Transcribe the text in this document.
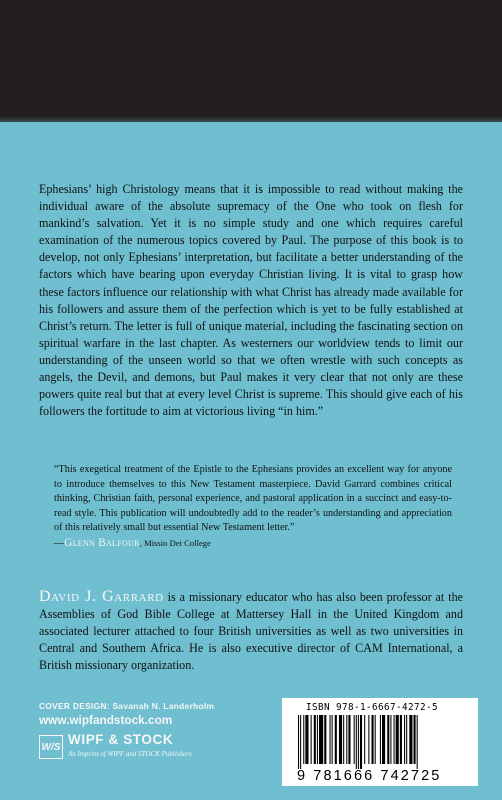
Ephesians’ high Christology means that it is impossible to read without making the individual aware of the absolute supremacy of the One who took on flesh for mankind’s salvation. Yet it is no simple study and one which requires careful examination of the numerous topics covered by Paul. The purpose of this book is to develop, not only Ephesians’ interpretation, but facilitate a better understanding of the factors which have bearing upon everyday Christian living. It is vital to grasp how these factors influence our relationship with what Christ has already made available for his followers and assure them of the perfection which is yet to be fully established at Christ’s return. The letter is full of unique material, including the fascinating section on spiritual warfare in the last chapter. As westerners our worldview tends to limit our understanding of the unseen world so that we often wrestle with such concepts as angels, the Devil, and demons, but Paul makes it very clear that not only are these powers quite real but that at every level Christ is supreme. This should give each of his followers the fortitude to aim at victorious living “in him.”

“This exegetical treatment of the Epistle to the Ephesians provides an excellent way for anyone to introduce themselves to this New Testament masterpiece. David Garrard combines critical thinking, Christian faith, personal experience, and pastoral application in a succinct and easy-to-read style. This publication will undoubtedly add to the reader’s understanding and appreciation of this relatively small but essential New Testament letter.”

—Glenn Balfour, Missio Dei College

David J. Garrard is a missionary educator who has also been professor at the Assemblies of God Bible College at Mattersey Hall in the United Kingdom and associated lecturer attached to four British universities as well as two universities in Central and Southern Africa. He is also executive director of CAM International, a British missionary organization.

COVER DESIGN: Savanah N. Landerholm
www.wipfandstock.com
W/S WIPF & STOCK
An Imprint of WIPF and STOCK Publishers
ISBN 978-1-6667-4272-5
9 781666 742725
